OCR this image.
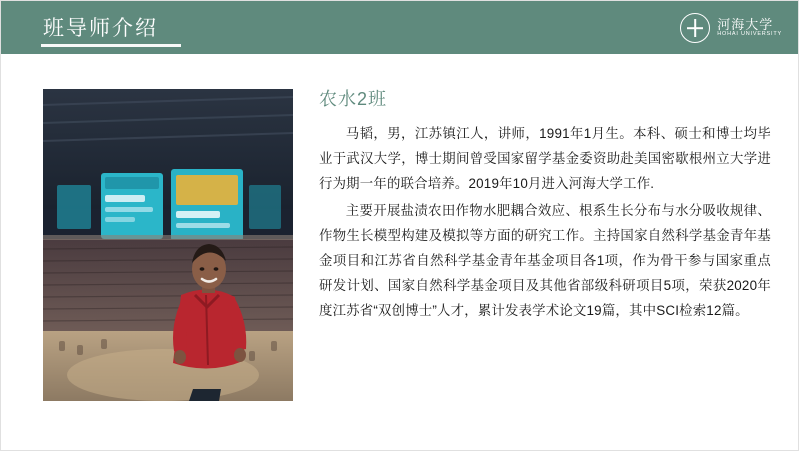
班导师介绍	河海大学
HOHAI UNIVERSITY
农水2班

马韬，男，江苏镇江人，讲师，1991年1月生。本科、硕士和博士均毕业于武汉大学，博士期间曾受国家留学基金委资助赴美国密歇根州立大学进行为期一年的联合培养。2019年10月进入河海大学工作.

主要开展盐渍农田作物水肥耦合效应、根系生长分布与水分吸收规律、作物生长模型构建及模拟等方面的研究工作。主持国家自然科学基金青年基金项目和江苏省自然科学基金青年基金项目各1项，作为骨干参与国家重点研发计划、国家自然科学基金项目及其他省部级科研项目5项，荣获2020年度江苏省“双创博士”人才，累计发表学术论文19篇，其中SCI检索12篇。
